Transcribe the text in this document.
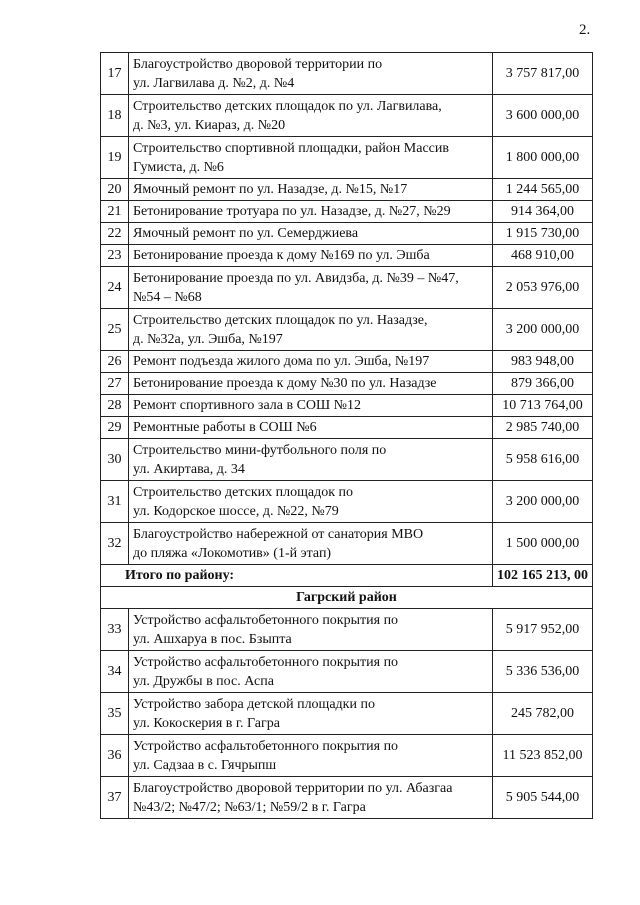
2.
17	Благоустройство дворовой территории по
ул. Лагвилава д. №2, д. №4	3 757 817,00
18	Строительство детских площадок по ул. Лагвилава,
д. №3, ул. Киараз, д. №20	3 600 000,00
19	Строительство спортивной площадки, район Массив
Гумиста, д. №6	1 800 000,00
20	Ямочный ремонт по ул. Назадзе, д. №15, №17	1 244 565,00
21	Бетонирование тротуара по ул. Назадзе, д. №27, №29	914 364,00
22	Ямочный ремонт по ул. Семерджиева	1 915 730,00
23	Бетонирование проезда к дому №169 по ул. Эшба	468 910,00
24	Бетонирование проезда по ул. Авидзба, д. №39 – №47,
№54 – №68	2 053 976,00
25	Строительство детских площадок по ул. Назадзе,
д. №32а, ул. Эшба, №197	3 200 000,00
26	Ремонт подъезда жилого дома по ул. Эшба, №197	983 948,00
27	Бетонирование проезда к дому №30 по ул. Назадзе	879 366,00
28	Ремонт спортивного зала в СОШ №12	10 713 764,00
29	Ремонтные работы в СОШ №6	2 985 740,00
30	Строительство мини-футбольного поля по
ул. Акиртава, д. 34	5 958 616,00
31	Строительство детских площадок по
ул. Кодорское шоссе, д. №22, №79	3 200 000,00
32	Благоустройство набережной от санатория МВО
до пляжа «Локомотив» (1-й этап)	1 500 000,00
Итого по району:		102 165 213, 00
Гагрский район		
33	Устройство асфальтобетонного покрытия по
ул. Ашхаруа в пос. Бзыпта	5 917 952,00
34	Устройство асфальтобетонного покрытия по
ул. Дружбы в пос. Аспа	5 336 536,00
35	Устройство забора детской площадки по
ул. Кокоскерия в г. Гагра	245 782,00
36	Устройство асфальтобетонного покрытия по
ул. Садзаа в с. Гячрыпш	11 523 852,00
37	Благоустройство дворовой территории по ул. Абазгаа
№43/2; №47/2; №63/1; №59/2 в г. Гагра	5 905 544,00
